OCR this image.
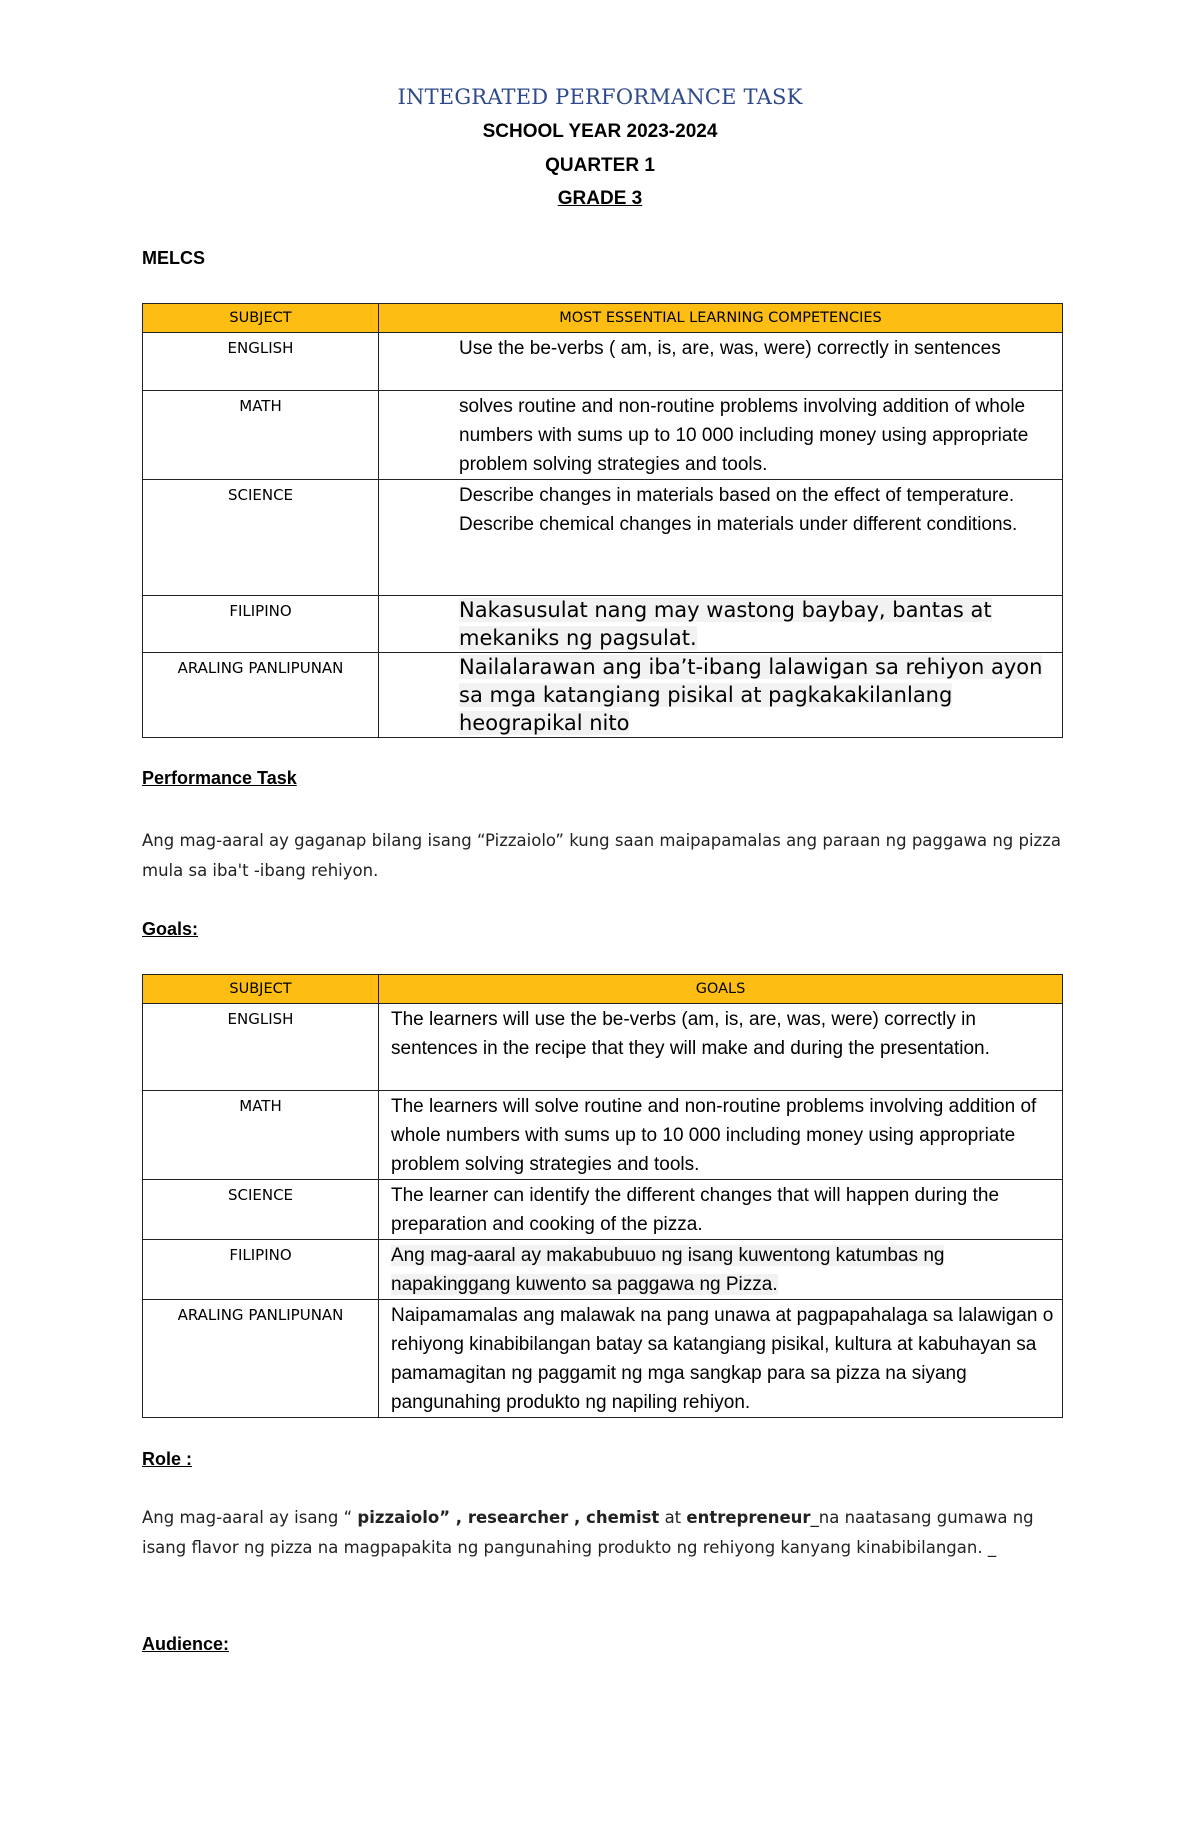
INTEGRATED PERFORMANCE TASK
SCHOOL YEAR 2023-2024
QUARTER 1
GRADE 3
MELCS
SUBJECT	MOST ESSENTIAL LEARNING COMPETENCIES
ENGLISH	Use the be-verbs ( am, is, are, was, were) correctly in sentences
MATH	solves routine and non-routine problems involving addition of whole numbers with sums up to 10 000 including money using appropriate problem solving strategies and tools.
SCIENCE	Describe changes in materials based on the effect of temperature.
Describe chemical changes in materials under different conditions.

FILIPINO	Nakasusulat nang may wastong baybay, bantas at mekaniks ng pagsulat.
ARALING PANLIPUNAN	Nailalarawan ang iba’t-ibang lalawigan sa rehiyon ayon sa mga katangiang pisikal at pagkakakilanlang heograpikal nito
Performance Task
Ang mag-aaral ay gaganap bilang isang “Pizzaiolo” kung saan maipapamalas ang paraan ng paggawa ng pizza mula sa iba't -ibang rehiyon.
Goals:
SUBJECT	GOALS
ENGLISH	The learners will use the be-verbs (am, is, are, was, were) correctly in sentences in the recipe that they will make and during the presentation.
MATH	The learners will solve routine and non-routine problems involving addition of whole numbers with sums up to 10 000 including money using appropriate problem solving strategies and tools.
SCIENCE	The learner can identify the different changes that will happen during the preparation and cooking of the pizza.
FILIPINO	Ang mag-aaral ay makabubuuo ng isang kuwentong katumbas ng napakinggang kuwento sa paggawa ng Pizza.
ARALING PANLIPUNAN	Naipamamalas ang malawak na pang unawa at pagpapahalaga sa lalawigan o rehiyong kinabibilangan batay sa katangiang pisikal, kultura at kabuhayan sa pamamagitan ng paggamit ng mga sangkap para sa pizza na siyang pangunahing produkto ng napiling rehiyon.
Role :
Ang mag-aaral ay isang “ pizzaiolo” , researcher , chemist at entrepreneur_na naatasang gumawa ng isang flavor ng pizza na magpapakita ng pangunahing produkto ng rehiyong kanyang kinabibilangan. _
Audience:
